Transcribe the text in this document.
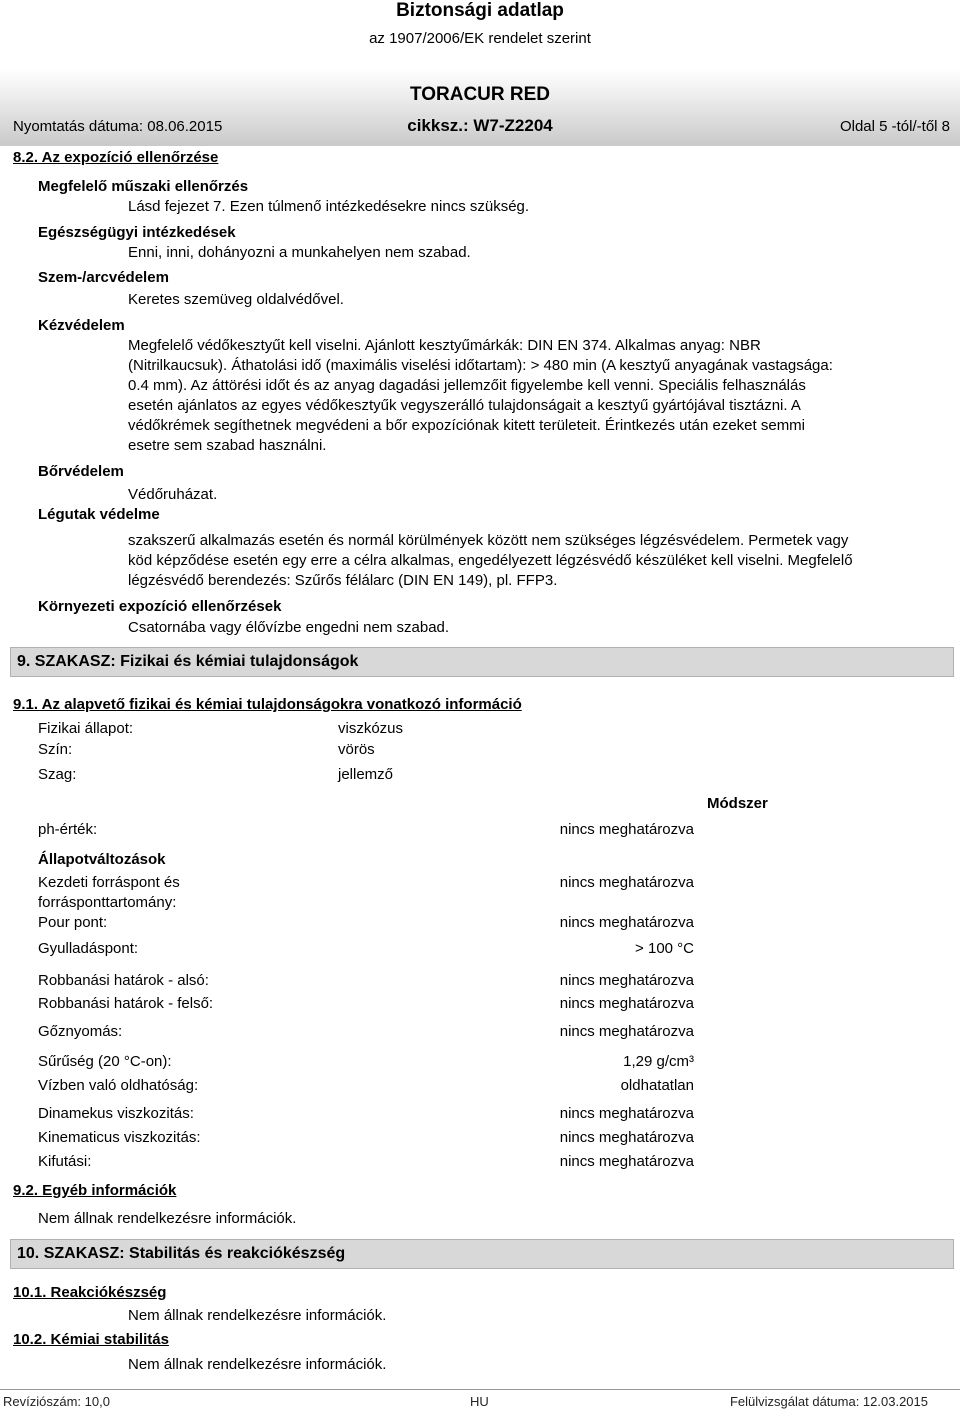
Biztonsági adatlap
az 1907/2006/EK rendelet szerint
TORACUR RED
Nyomtatás dátuma: 08.06.2015	cikksz.: W7-Z2204	Oldal 5 -tól/-től 8
8.2. Az expozíció ellenőrzése
Megfelelő műszaki ellenőrzés
Lásd fejezet 7. Ezen túlmenő intézkedésekre nincs szükség.
Egészségügyi intézkedések
Enni, inni, dohányozni a munkahelyen nem szabad.
Szem-/arcvédelem
Keretes szemüveg oldalvédővel.
Kézvédelem
Megfelelő védőkesztyűt kell viselni. Ajánlott kesztyűmárkák: DIN EN 374. Alkalmas anyag: NBR (Nitrilkaucsuk). Áthatolási idő (maximális viselési időtartam): > 480 min (A kesztyű anyagának vastagsága: 0.4 mm). Az áttörési időt és az anyag dagadási jellemzőit figyelembe kell venni. Speciális felhasználás esetén ajánlatos az egyes védőkesztyűk vegyszerálló tulajdonságait a kesztyű gyártójával tisztázni. A védőkrémek segíthetnek megvédeni a bőr expozíciónak kitett területeit. Érintkezés után ezeket semmi esetre sem szabad használni.
Bőrvédelem
Védőruházat.
Légutak védelme
szakszerű alkalmazás esetén és normál körülmények között nem szükséges légzésvédelem. Permetek vagy köd képződése esetén egy erre a célra alkalmas, engedélyezett légzésvédő készüléket kell viselni. Megfelelő légzésvédő berendezés: Szűrős félálarc (DIN EN 149), pl. FFP3.
Környezeti expozíció ellenőrzések
Csatornába vagy élővízbe engedni nem szabad.
9. SZAKASZ: Fizikai és kémiai tulajdonságok
9.1. Az alapvető fizikai és kémiai tulajdonságokra vonatkozó információ
Fizikai állapot:	viszkózus
Szín:	vörös
Szag:	jellemző
Módszer
ph-érték:	nincs meghatározva
Állapotváltozások
Kezdeti forráspont és forrásponttartomány:
nincs meghatározva
Pour pont:	nincs meghatározva
Gyulladáspont:	> 100 °C
Robbanási határok - alsó:	nincs meghatározva
Robbanási határok - felső:	nincs meghatározva
Gőznyomás:	nincs meghatározva
Sűrűség (20 °C-on):	1,29 g/cm³
Vízben való oldhatóság:	oldhatatlan
Dinamekus viszkozitás:	nincs meghatározva
Kinematicus viszkozitás:	nincs meghatározva
Kifutási:	nincs meghatározva
9.2. Egyéb információk
Nem állnak rendelkezésre információk.
10. SZAKASZ: Stabilitás és reakciókészség
10.1. Reakciókészség
Nem állnak rendelkezésre információk.
10.2. Kémiai stabilitás
Nem állnak rendelkezésre információk.
Revíziószám: 10,0	HU	Felülvizsgálat dátuma: 12.03.2015
